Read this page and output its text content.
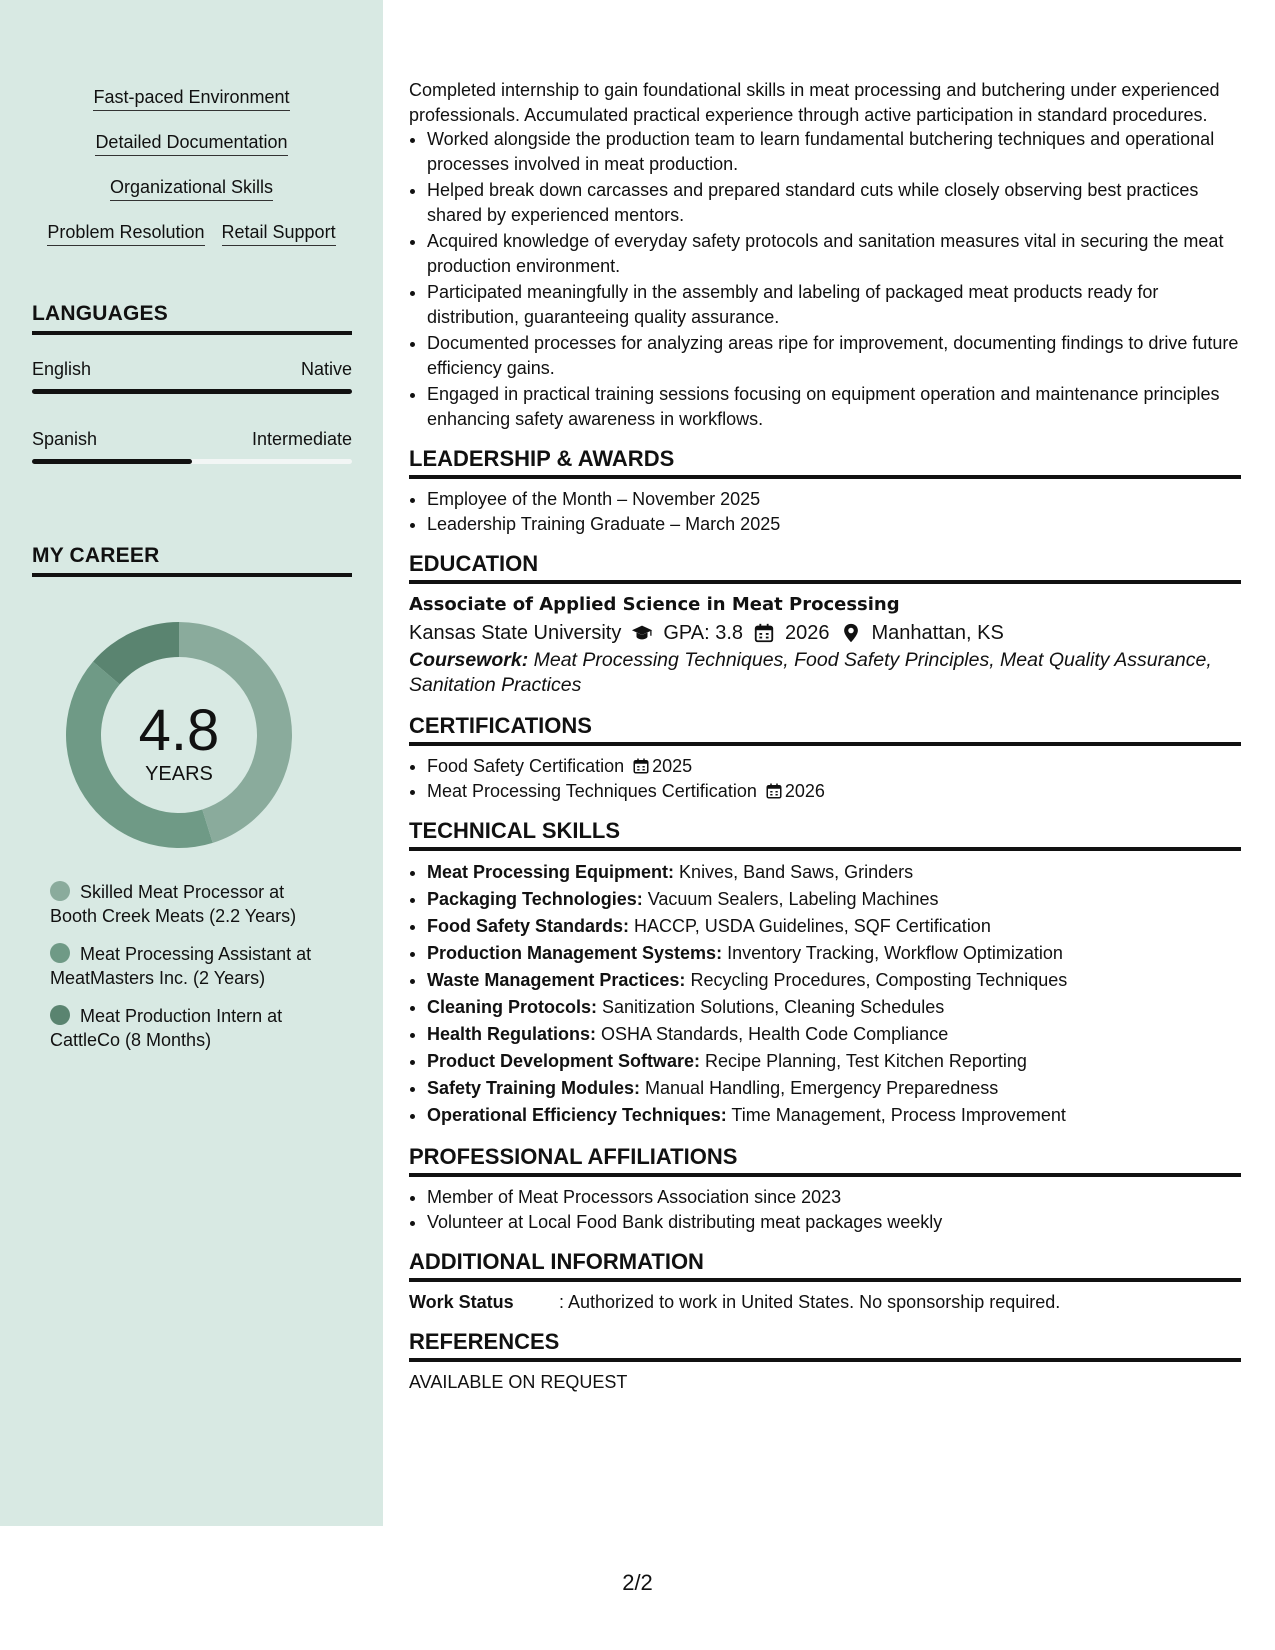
Fast-paced Environment
Detailed Documentation
Organizational Skills
Problem Resolution Retail Support
LANGUAGES
English	Native
Spanish	Intermediate
MY CAREER
4.8
YEARS
Skilled Meat Processor at Booth Creek Meats (2.2 Years)
Meat Processing Assistant at MeatMasters Inc. (2 Years)
Meat Production Intern at CattleCo (8 Months)

Completed internship to gain foundational skills in meat processing and butchering under experienced professionals. Accumulated practical experience through active participation in standard procedures.

• Worked alongside the production team to learn fundamental butchering techniques and operational processes involved in meat production.
• Helped break down carcasses and prepared standard cuts while closely observing best practices shared by experienced mentors.
• Acquired knowledge of everyday safety protocols and sanitation measures vital in securing the meat production environment.
• Participated meaningfully in the assembly and labeling of packaged meat products ready for distribution, guaranteeing quality assurance.
• Documented processes for analyzing areas ripe for improvement, documenting findings to drive future efficiency gains.
• Engaged in practical training sessions focusing on equipment operation and maintenance principles enhancing safety awareness in workflows.
LEADERSHIP & AWARDS
• Employee of the Month – November 2025
• Leadership Training Graduate – March 2025
EDUCATION
Associate of Applied Science in Meat Processing
Kansas State University GPA: 3.8 2026 Manhattan, KS
Coursework: Meat Processing Techniques, Food Safety Principles, Meat Quality Assurance, Sanitation Practices
CERTIFICATIONS
• Food Safety Certification 2025
• Meat Processing Techniques Certification 2026
TECHNICAL SKILLS
• Meat Processing Equipment: Knives, Band Saws, Grinders
• Packaging Technologies: Vacuum Sealers, Labeling Machines
• Food Safety Standards: HACCP, USDA Guidelines, SQF Certification
• Production Management Systems: Inventory Tracking, Workflow Optimization
• Waste Management Practices: Recycling Procedures, Composting Techniques
• Cleaning Protocols: Sanitization Solutions, Cleaning Schedules
• Health Regulations: OSHA Standards, Health Code Compliance
• Product Development Software: Recipe Planning, Test Kitchen Reporting
• Safety Training Modules: Manual Handling, Emergency Preparedness
• Operational Efficiency Techniques: Time Management, Process Improvement
PROFESSIONAL AFFILIATIONS
• Member of Meat Processors Association since 2023
• Volunteer at Local Food Bank distributing meat packages weekly
ADDITIONAL INFORMATION
Work Status	: Authorized to work in United States. No sponsorship required.
REFERENCES
AVAILABLE ON REQUEST
2/2
